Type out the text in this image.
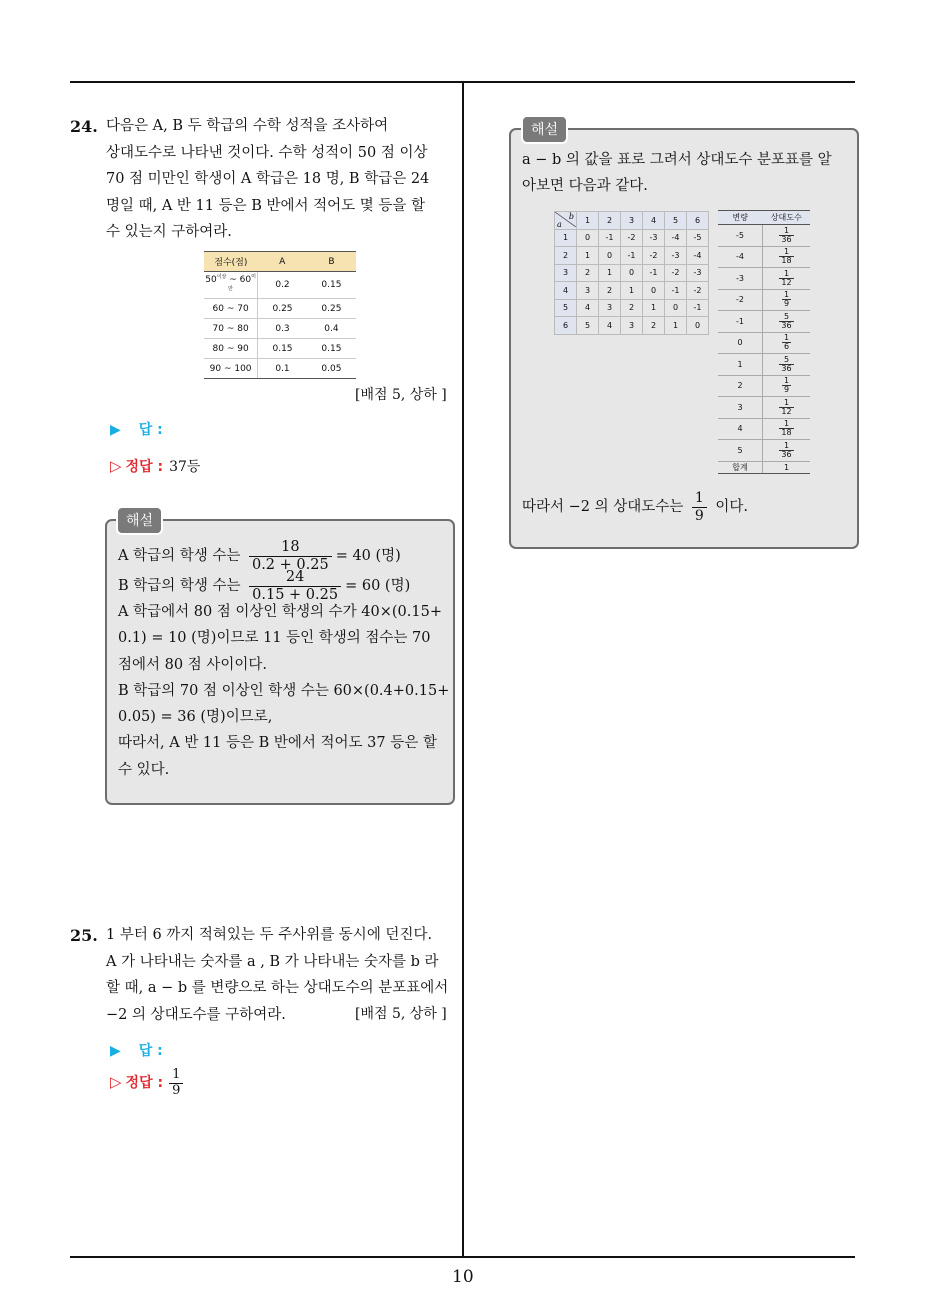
24. 다음은 A, B 두 학급의 수학 성적을 조사하여

상대도수로 나타낸 것이다. 수학 성적이 50 점 이상

70 점 미만인 학생이 A 학급은 18 명, B 학급은 24

명일 때, A 반 11 등은 B 반에서 적어도 몇 등을 할

수 있는지 구하여라.

점수(점)	A	B
$50^{이상}$ ~ $60^{미만}$	0.2	0.15
60 ~ 70	0.25	0.25
70 ~ 80	0.3	0.4
80 ~ 90	0.15	0.15
90 ~ 100	0.1	0.05
[배점 5, 상하 ]
▶ 답 :
▷ 정답 : 37등
해설

A 학급의 학생 수는 $\frac{18}{0.2 + 0.25} = 40$ (명)

B 학급의 학생 수는 $\frac{24}{0.15 + 0.25} = 60$ (명)

A 학급에서 80 점 이상인 학생의 수가 40×(0.15+

0.1) = 10 (명)이므로 11 등인 학생의 점수는 70

점에서 80 점 사이이다.

B 학급의 70 점 이상인 학생 수는 60×(0.4+0.15+

0.05) = 36 (명)이므로,

따라서, A 반 11 등은 B 반에서 적어도 37 등은 할

수 있다.

25. 1 부터 6 까지 적혀있는 두 주사위를 동시에 던진다.

A 가 나타내는 숫자를 a , B 가 나타내는 숫자를 b 라

할 때, a − b 를 변량으로 하는 상대도수의 분포표에서

−2 의 상대도수를 구하여라.	[배점 5, 상하 ]
▶ 답 :
▷ 정답 : $\frac{1}{9}$
해설

a − b 의 값을 표로 그려서 상대도수 분포표를 알

아보면 다음과 같다.

a
b	1	2	3	4	5	6
1	0	-1	-2	-3	-4	-5
2	1	0	-1	-2	-3	-4
3	2	1	0	-1	-2	-3
4	3	2	1	0	-1	-2
5	4	3	2	1	0	-1
6	5	4	3	2	1	0
변량	상대도수
-5	$\frac{1}{36}$

-4	$\frac{1}{18}$

-3	$\frac{1}{12}$

-2	$\frac{1}{9}$

-1	$\frac{5}{36}$

0	$\frac{1}{6}$

1	$\frac{5}{36}$

2	$\frac{1}{9}$

3	$\frac{1}{12}$

4	$\frac{1}{18}$

5	$\frac{1}{36}$

합계	1

따라서 −2 의 상대도수는 $\frac{1}{9}$ 이다.

10
